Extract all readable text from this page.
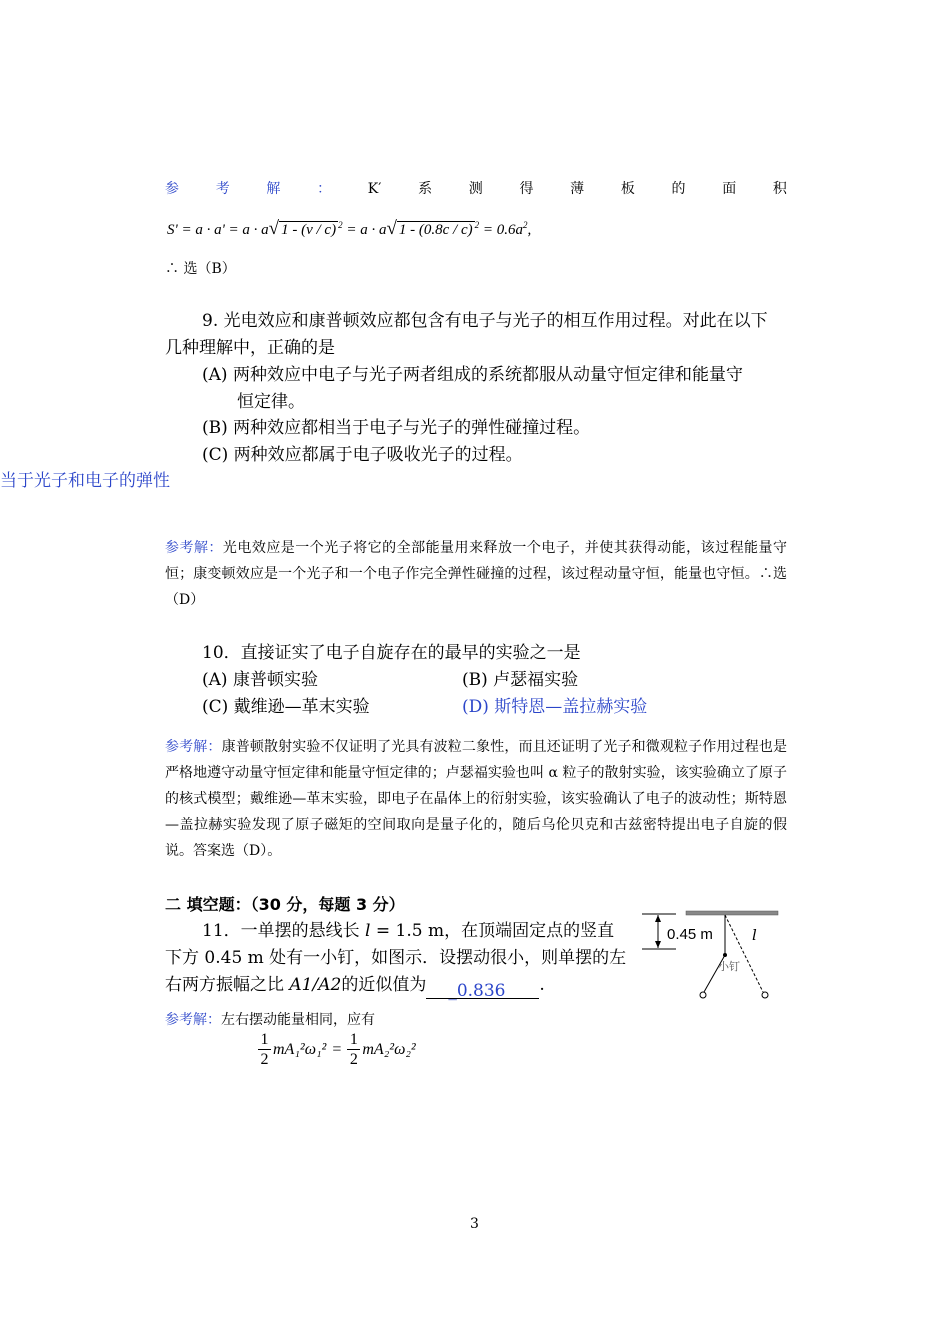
参	考	解	：	K′	系	测	得	薄	板	的	面	积
S' = a · a' = a · a√ 1 - (v / c) $^2$ = a · a√ 1 - (0.8c / c) $^2 = 0.6a^2$,
∴ 选（B）
9. 光电效应和康普顿效应都包含有电子与光子的相互作用过程。对此在以下
几种理解中，正确的是
(A) 两种效应中电子与光子两者组成的系统都服从动量守恒定律和能量守
恒定律。
(B) 两种效应都相当于电子与光子的弹性碰撞过程。
(C) 两种效应都属于电子吸收光子的过程。
当于光子和电子的弹性
参考解：光电效应是一个光子将它的全部能量用来释放一个电子，并使其获得动能，该过程能量守恒；康变顿效应是一个光子和一个电子作完全弹性碰撞的过程，该过程动量守恒，能量也守恒。∴选（D）
10．直接证实了电子自旋存在的最早的实验之一是
(A) 康普顿实验	(B) 卢瑟福实验
(C) 戴维逊—革末实验	(D) 斯特恩—盖拉赫实验
参考解：康普顿散射实验不仅证明了光具有波粒二象性，而且还证明了光子和微观粒子作用过程也是严格地遵守动量守恒定律和能量守恒定律的；卢瑟福实验也叫 α 粒子的散射实验，该实验确立了原子的核式模型；戴维逊—革末实验，即电子在晶体上的衍射实验，该实验确认了电子的波动性；斯特恩—盖拉赫实验发现了原子磁矩的空间取向是量子化的，随后乌伦贝克和古兹密特提出电子自旋的假说。答案选（D）。
二 填空题：（30 分，每题 3 分）
11．一单摆的悬线长 l = 1.5 m，在顶端固定点的竖直
下方 0.45 m 处有一小钉，如图示．设摆动很小，则单摆的左
右两方振幅之比 A1/A2的近似值为 _0.836 .
0.45 m	l
小钉
参考解：左右摆动能量相同，应有
1
2
mA₁²ω₁² =
1
2
mA₂²ω₂²
3
